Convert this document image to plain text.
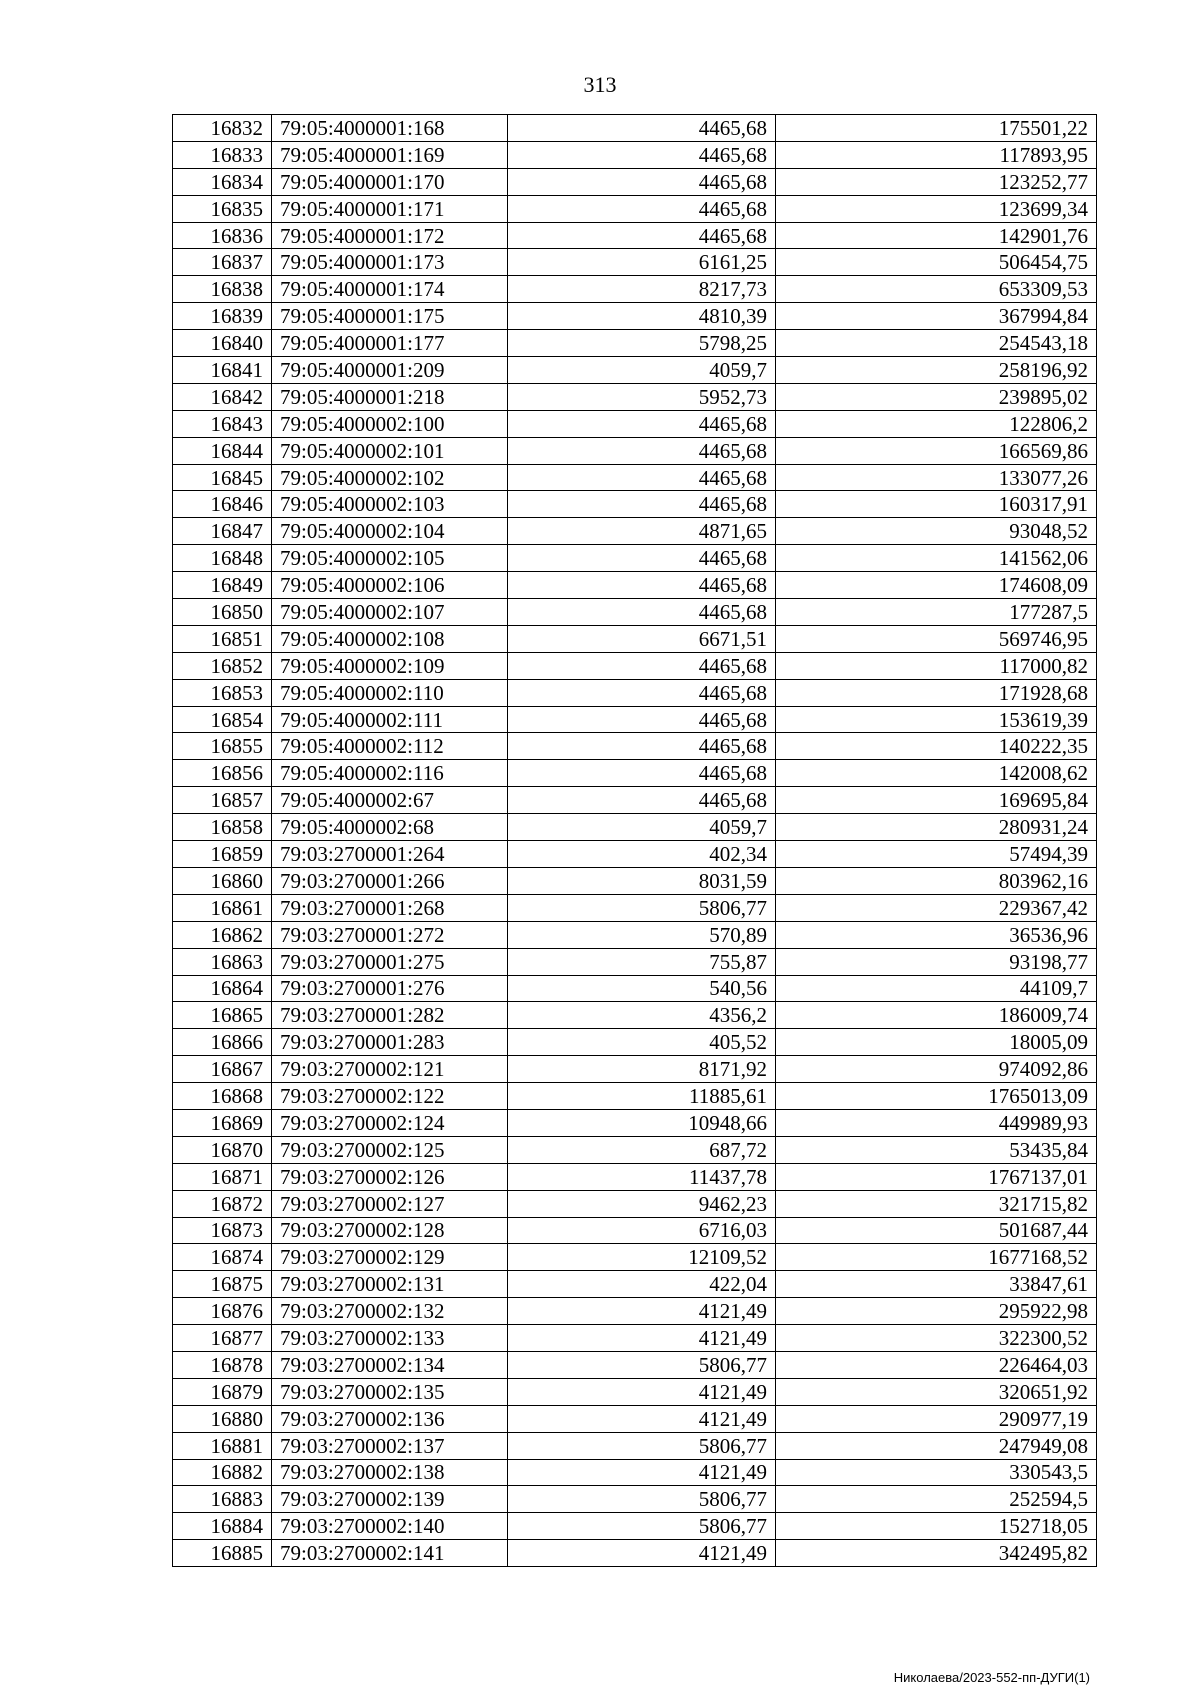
313
16832	79:05:4000001:168	4465,68	175501,22
16833	79:05:4000001:169	4465,68	117893,95
16834	79:05:4000001:170	4465,68	123252,77
16835	79:05:4000001:171	4465,68	123699,34
16836	79:05:4000001:172	4465,68	142901,76
16837	79:05:4000001:173	6161,25	506454,75
16838	79:05:4000001:174	8217,73	653309,53
16839	79:05:4000001:175	4810,39	367994,84
16840	79:05:4000001:177	5798,25	254543,18
16841	79:05:4000001:209	4059,7	258196,92
16842	79:05:4000001:218	5952,73	239895,02
16843	79:05:4000002:100	4465,68	122806,2
16844	79:05:4000002:101	4465,68	166569,86
16845	79:05:4000002:102	4465,68	133077,26
16846	79:05:4000002:103	4465,68	160317,91
16847	79:05:4000002:104	4871,65	93048,52
16848	79:05:4000002:105	4465,68	141562,06
16849	79:05:4000002:106	4465,68	174608,09
16850	79:05:4000002:107	4465,68	177287,5
16851	79:05:4000002:108	6671,51	569746,95
16852	79:05:4000002:109	4465,68	117000,82
16853	79:05:4000002:110	4465,68	171928,68
16854	79:05:4000002:111	4465,68	153619,39
16855	79:05:4000002:112	4465,68	140222,35
16856	79:05:4000002:116	4465,68	142008,62
16857	79:05:4000002:67	4465,68	169695,84
16858	79:05:4000002:68	4059,7	280931,24
16859	79:03:2700001:264	402,34	57494,39
16860	79:03:2700001:266	8031,59	803962,16
16861	79:03:2700001:268	5806,77	229367,42
16862	79:03:2700001:272	570,89	36536,96
16863	79:03:2700001:275	755,87	93198,77
16864	79:03:2700001:276	540,56	44109,7
16865	79:03:2700001:282	4356,2	186009,74
16866	79:03:2700001:283	405,52	18005,09
16867	79:03:2700002:121	8171,92	974092,86
16868	79:03:2700002:122	11885,61	1765013,09
16869	79:03:2700002:124	10948,66	449989,93
16870	79:03:2700002:125	687,72	53435,84
16871	79:03:2700002:126	11437,78	1767137,01
16872	79:03:2700002:127	9462,23	321715,82
16873	79:03:2700002:128	6716,03	501687,44
16874	79:03:2700002:129	12109,52	1677168,52
16875	79:03:2700002:131	422,04	33847,61
16876	79:03:2700002:132	4121,49	295922,98
16877	79:03:2700002:133	4121,49	322300,52
16878	79:03:2700002:134	5806,77	226464,03
16879	79:03:2700002:135	4121,49	320651,92
16880	79:03:2700002:136	4121,49	290977,19
16881	79:03:2700002:137	5806,77	247949,08
16882	79:03:2700002:138	4121,49	330543,5
16883	79:03:2700002:139	5806,77	252594,5
16884	79:03:2700002:140	5806,77	152718,05
16885	79:03:2700002:141	4121,49	342495,82
Николаева/2023-552-пп-ДУГИ(1)
